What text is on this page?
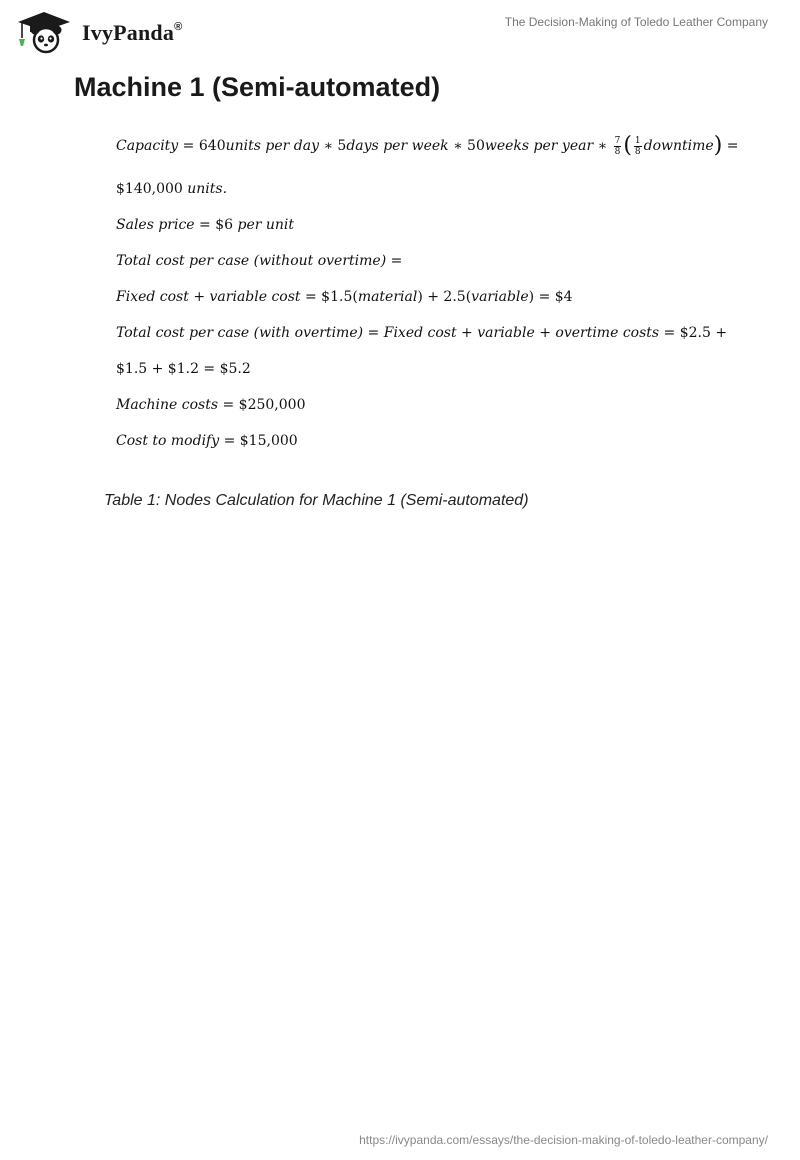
IvyPanda®	The Decision-Making of Toledo Leather Company
Machine 1 (Semi-automated)
Capacity = 640units per day ∗ 5days per week ∗ 50weeks per year ∗ $\frac{7}{8}$ ( $\frac{1}{8}$ downtime) =
$140,000 units.
Sales price = $6 per unit
Total cost per case (without overtime) =
Fixed cost + variable cost = $1.5(material) + 2.5(variable) = $4
Total cost per case (with overtime) = Fixed cost + variable + overtime costs = $2.5 +
$1.5 + $1.2 = $5.2
Machine costs = $250,000
Cost to modify = $15,000
Table 1: Nodes Calculation for Machine 1 (Semi-automated)
https://ivypanda.com/essays/the-decision-making-of-toledo-leather-company/
